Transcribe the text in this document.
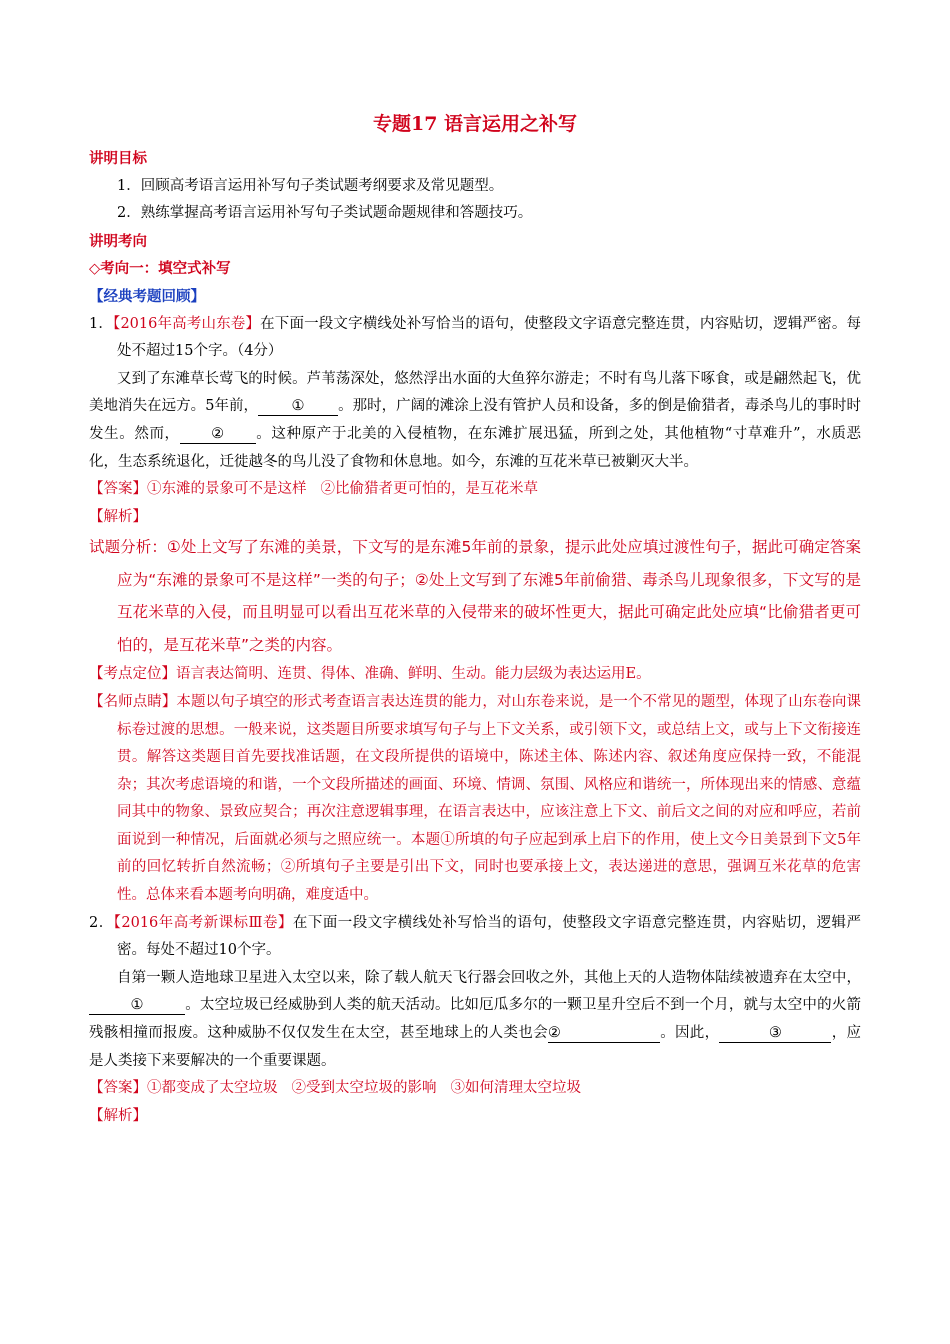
专题17 语言运用之补写

讲明目标

1．回顾高考语言运用补写句子类试题考纲要求及常见题型。

2．熟练掌握高考语言运用补写句子类试题命题规律和答题技巧。

讲明考向

◇考向一：填空式补写

【经典考题回顾】

1．【2016年高考山东卷】在下面一段文字横线处补写恰当的语句，使整段文字语意完整连贯，内容贴切，逻辑严密。每处不超过15个字。（4分）

又到了东滩草长莺飞的时候。芦苇荡深处，悠然浮出水面的大鱼猝尔游走；不时有鸟儿落下啄食，或是翩然起飞，优美地消失在远方。5年前， ① 。那时，广阔的滩涂上没有管护人员和设备，多的倒是偷猎者，毒杀鸟儿的事时时发生。然而， ② 。这种原产于北美的入侵植物，在东滩扩展迅猛，所到之处，其他植物“寸草难升”，水质恶化，生态系统退化，迁徙越冬的鸟儿没了食物和休息地。如今，东滩的互花米草已被剿灭大半。

【答案】①东滩的景象可不是这样 ②比偷猎者更可怕的，是互花米草

【解析】

试题分析：①处上文写了东滩的美景，下文写的是东滩5年前的景象，提示此处应填过渡性句子，据此可确定答案应为“东滩的景象可不是这样”一类的句子；②处上文写到了东滩5年前偷猎、毒杀鸟儿现象很多，下文写的是互花米草的入侵，而且明显可以看出互花米草的入侵带来的破坏性更大，据此可确定此处应填“比偷猎者更可怕的，是互花米草”之类的内容。

【考点定位】语言表达简明、连贯、得体、准确、鲜明、生动。能力层级为表达运用E。

【名师点睛】本题以句子填空的形式考查语言表达连贯的能力，对山东卷来说，是一个不常见的题型，体现了山东卷向课标卷过渡的思想。一般来说，这类题目所要求填写句子与上下文关系，或引领下文，或总结上文，或与上下文衔接连贯。解答这类题目首先要找准话题，在文段所提供的语境中，陈述主体、陈述内容、叙述角度应保持一致，不能混杂；其次考虑语境的和谐，一个文段所描述的画面、环境、情调、氛围、风格应和谐统一，所体现出来的情感、意蕴同其中的物象、景致应契合；再次注意逻辑事理，在语言表达中，应该注意上下文、前后文之间的对应和呼应，若前面说到一种情况，后面就必须与之照应统一。本题①所填的句子应起到承上启下的作用，使上文今日美景到下文5年前的回忆转折自然流畅；②所填句子主要是引出下文，同时也要承接上文，表达递进的意思，强调互米花草的危害性。总体来看本题考向明确，难度适中。

2．【2016年高考新课标Ⅲ卷】在下面一段文字横线处补写恰当的语句，使整段文字语意完整连贯，内容贴切，逻辑严密。每处不超过10个字。

自第一颗人造地球卫星进入太空以来，除了载人航天飞行器会回收之外，其他上天的人造物体陆续被遗弃在太空中，①	。太空垃圾已经威胁到人类的航天活动。比如厄瓜多尔的一颗卫星升空后不到一个月，就与太空中的火箭残骸相撞而报废。这种威胁不仅仅发生在太空，甚至地球上的人类也会②	。因此，	③	，应是人类接下来要解决的一个重要课题。

【答案】①都变成了太空垃圾 ②受到太空垃圾的影响 ③如何清理太空垃圾

【解析】
